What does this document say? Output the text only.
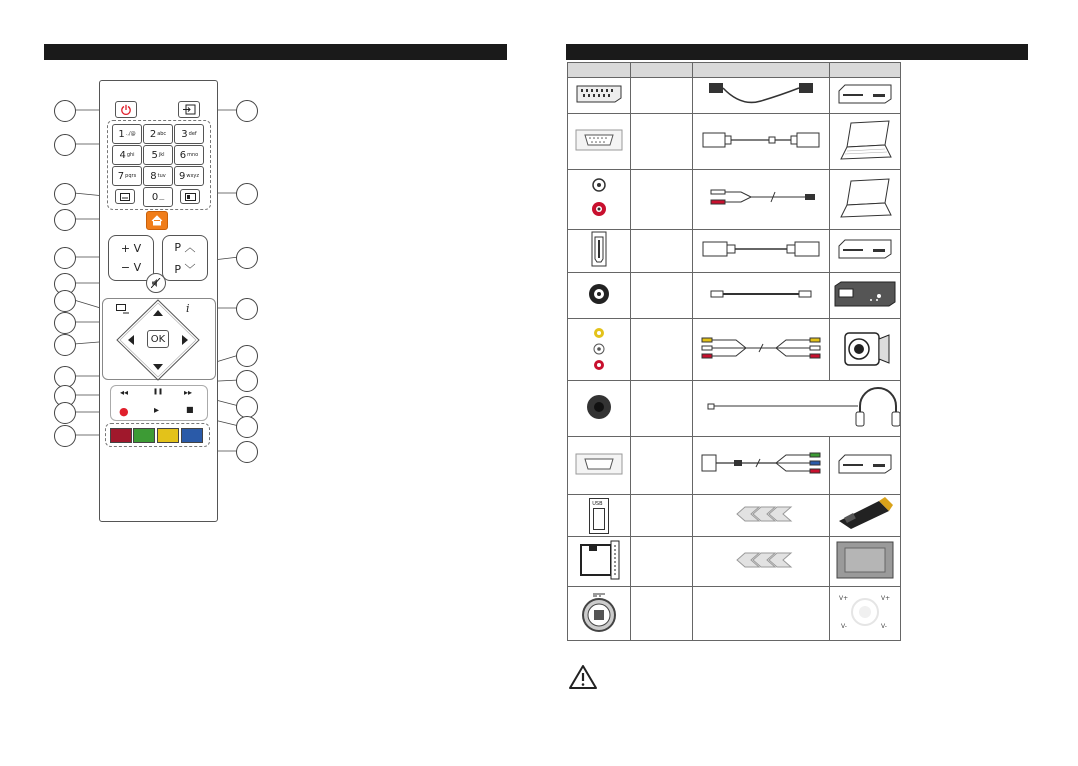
1 .,/@ 2 abc 3 def
4 ghi 5 jkl 6 mno
7 pqrs 8 tuv 9 wxyz
0 __
+ V
− V
P ︿
P ﹀
i
OK
◂◂	❚❚	▸▸
●	▸	■

USB

V+ V+
V- V-
